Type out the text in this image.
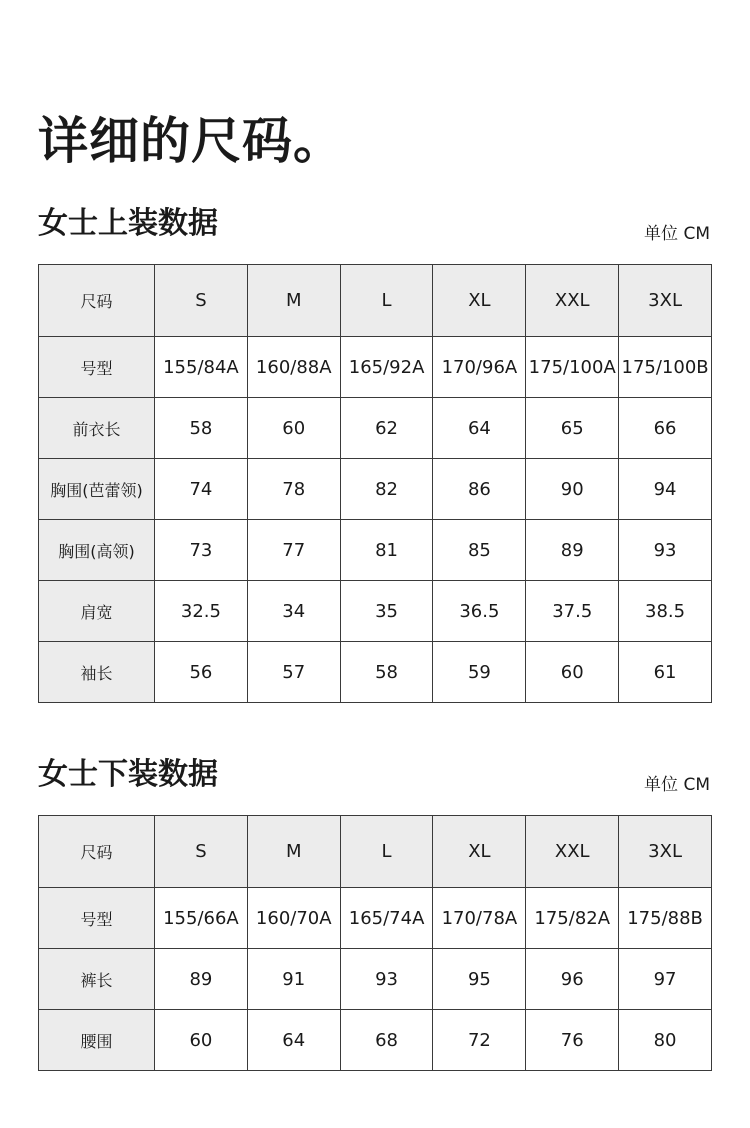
详细的尺码。
女士上装数据	单位 CM
尺码	S	M	L	XL	XXL	3XL
号型	155/84A	160/88A	165/92A	170/96A	175/100A	175/100B
前衣长	58	60	62	64	65	66
胸围(芭蕾领)	74	78	82	86	90	94
胸围(高领)	73	77	81	85	89	93
肩宽	32.5	34	35	36.5	37.5	38.5
袖长	56	57	58	59	60	61
女士下装数据	单位 CM
尺码	S	M	L	XL	XXL	3XL
号型	155/66A	160/70A	165/74A	170/78A	175/82A	175/88B
裤长	89	91	93	95	96	97
腰围	60	64	68	72	76	80
